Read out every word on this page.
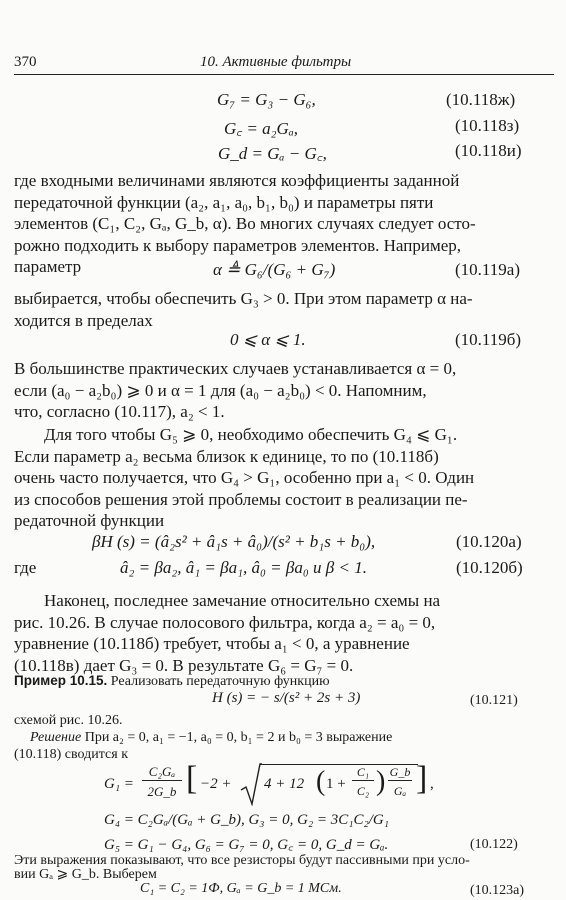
370	10. Активные фильтры
G₇ = G₃ − G₆,	(10.118ж)
G꜀ = a₂Gₐ,	(10.118з)
G_d = Gₐ − G꜀,	(10.118и)
где входными величинами являются коэффициенты заданной
передаточной функции (a₂, a₁, a₀, b₁, b₀) и параметры пяти
элементов (C₁, C₂, Gₐ, G_b, α). Во многих случаях следует осто-
рожно подходить к выбору параметров элементов. Например,
параметр	α ≜ G₆/(G₆ + G₇)	(10.119а)
выбирается, чтобы обеспечить G₃ > 0. При этом параметр α на-
ходится в пределах
0 ⩽ α ⩽ 1.	(10.119б)
В большинстве практических случаев устанавливается α = 0,
если (a₀ − a₂b₀) ⩾ 0 и α = 1 для (a₀ − a₂b₀) < 0. Напомним,
что, согласно (10.117), a₂ < 1.
Для того чтобы G₅ ⩾ 0, необходимо обеспечить G₄ ⩽ G₁.
Если параметр a₂ весьма близок к единице, то по (10.118б)
очень часто получается, что G₄ > G₁, особенно при a₁ < 0. Один
из способов решения этой проблемы состоит в реализации пе-
редаточной функции
βH (s) = (â₂s² + â₁s + â₀)/(s² + b₁s + b₀),	(10.120а)
где	â₂ = βa₂, â₁ = βa₁, â₀ = βa₀ и β < 1.	(10.120б)
Наконец, последнее замечание относительно схемы на
рис. 10.26. В случае полосового фильтра, когда a₂ = a₀ = 0,
уравнение (10.118б) требует, чтобы a₁ < 0, а уравнение
(10.118в) дает G₃ = 0. В результате G₆ = G₇ = 0.
Пример 10.15. Реализовать передаточную функцию
H (s) = − s/(s² + 2s + 3)	(10.121)
схемой рис. 10.26.
Решение При a₂ = 0, a₁ = −1, a₀ = 0, b₁ = 2 и b₀ = 3 выражение
(10.118) сводится к
G₁ =
C₂Gₐ
2G_b [ −2 + 4 + 12 ( 1 +
C₁
C₂ ) G_b
Gₐ ] ,
G₄ = C₂Gₐ/(Gₐ + G_b), G₃ = 0, G₂ = 3C₁C₂/G₁
G₅ = G₁ − G₄, G₆ = G₇ = 0, G꜀ = 0, G_d = Gₐ.	(10.122)
Эти выражения показывают, что все резисторы будут пассивными при усло-
вии Gₐ ⩾ G_b. Выберем
C₁ = C₂ = 1Ф, Gₐ = G_b = 1 МСм.	(10.123а)
